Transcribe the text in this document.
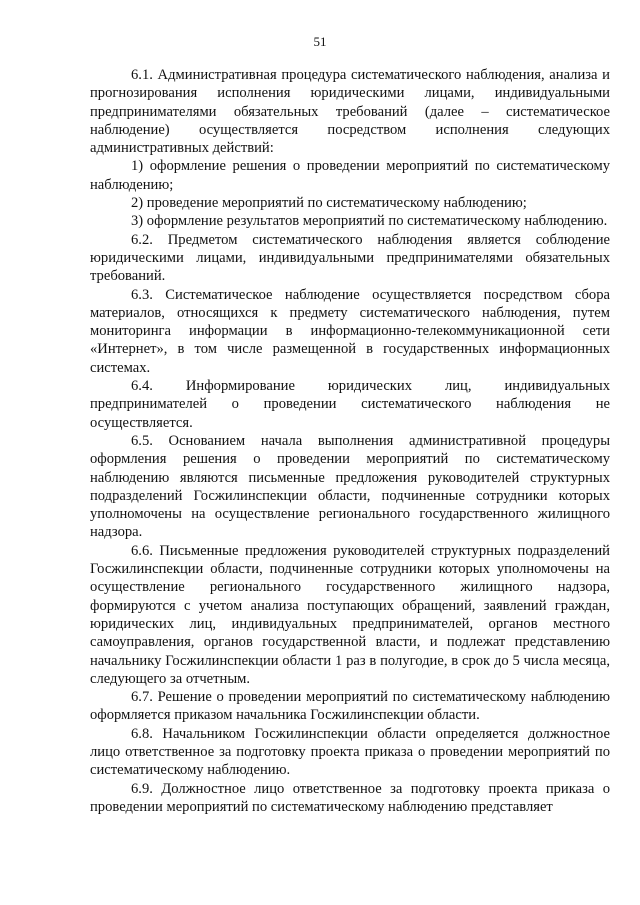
51

6.1. Административная процедура систематического наблюдения, анализа и прогнозирования исполнения юридическими лицами, индивидуальными предпринимателями обязательных требований (далее – систематическое наблюдение) осуществляется посредством исполнения следующих административных действий:

1) оформление решения о проведении мероприятий по систематическому наблюдению;

2) проведение мероприятий по систематическому наблюдению;

3) оформление результатов мероприятий по систематическому наблюдению.

6.2. Предметом систематического наблюдения является соблюдение юридическими лицами, индивидуальными предпринимателями обязательных требований.

6.3. Систематическое наблюдение осуществляется посредством сбора материалов, относящихся к предмету систематического наблюдения, путем мониторинга информации в информационно-телекоммуникационной сети «Интернет», в том числе размещенной в государственных информационных системах.

6.4. Информирование юридических лиц, индивидуальных предпринимателей о проведении систематического наблюдения не осуществляется.

6.5. Основанием начала выполнения административной процедуры оформления решения о проведении мероприятий по систематическому наблюдению являются письменные предложения руководителей структурных подразделений Госжилинспекции области, подчиненные сотрудники которых уполномочены на осуществление регионального государственного жилищного надзора.

6.6. Письменные предложения руководителей структурных подразделений Госжилинспекции области, подчиненные сотрудники которых уполномочены на осуществление регионального государственного жилищного надзора, формируются с учетом анализа поступающих обращений, заявлений граждан, юридических лиц, индивидуальных предпринимателей, органов местного самоуправления, органов государственной власти, и подлежат представлению начальнику Госжилинспекции области 1 раз в полугодие, в срок до 5 числа месяца, следующего за отчетным.

6.7. Решение о проведении мероприятий по систематическому наблюдению оформляется приказом начальника Госжилинспекции области.

6.8. Начальником Госжилинспекции области определяется должностное лицо ответственное за подготовку проекта приказа о проведении мероприятий по систематическому наблюдению.

6.9. Должностное лицо ответственное за подготовку проекта приказа о проведении мероприятий по систематическому наблюдению представляет
